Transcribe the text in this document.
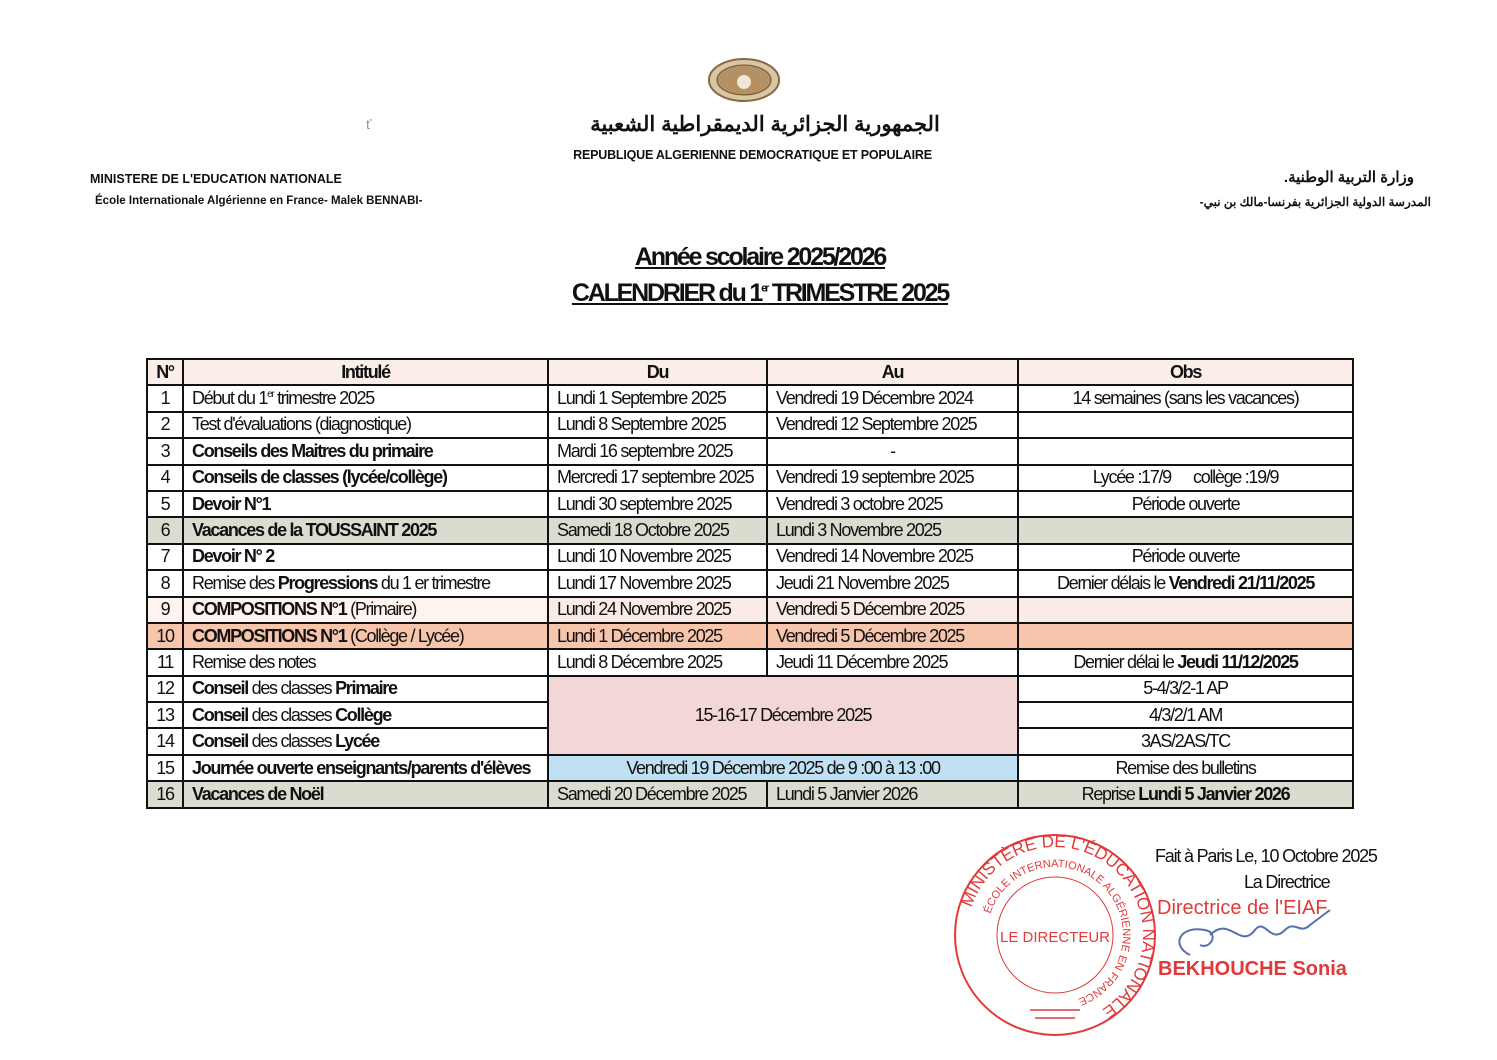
ť	الجمهورية الجزائرية الديمقراطية الشعبية
REPUBLIQUE ALGERIENNE DEMOCRATIQUE ET POPULAIRE
MINISTERE DE L'EDUCATION NATIONALE
École Internationale Algérienne en France- Malek BENNABI-
وزارة التربية الوطنية.
المدرسة الدولية الجزائرية بفرنسا-مالك بن نبي-
Année scolaire 2025/2026
CALENDRIER du 1er TRIMESTRE 2025
N°	Intitulé	Du	Au	Obs
1	Début du 1er trimestre 2025	Lundi 1 Septembre 2025	Vendredi 19 Décembre 2024	14 semaines (sans les vacances)
2	Test d'évaluations (diagnostique)	Lundi 8 Septembre 2025	Vendredi 12 Septembre 2025	
3	Conseils des Maitres du primaire	Mardi 16 septembre 2025	-	
4	Conseils de classes (lycée/collège)	Mercredi 17 septembre 2025	Vendredi 19 septembre 2025	Lycée :17/9      collège :19/9
5	Devoir N°1	Lundi 30 septembre 2025	Vendredi 3 octobre 2025	Période ouverte
6	Vacances de la TOUSSAINT 2025	Samedi 18 Octobre 2025	Lundi 3 Novembre 2025	
7	Devoir N° 2	Lundi 10 Novembre 2025	Vendredi 14 Novembre 2025	Période ouverte
8	Remise des Progressions du 1 er trimestre	Lundi 17 Novembre 2025	Jeudi 21 Novembre 2025	Dernier délais le Vendredi 21/11/2025
9	COMPOSITIONS N°1 (Primaire)	Lundi 24 Novembre 2025	Vendredi 5 Décembre 2025	
10	COMPOSITIONS N°1 (Collège / Lycée)	Lundi 1 Décembre 2025	Vendredi 5 Décembre 2025	
11	Remise des notes	Lundi 8 Décembre 2025	Jeudi 11 Décembre 2025	Dernier délai le Jeudi 11/12/2025
12	Conseil des classes Primaire	15-16-17 Décembre 2025		5-4/3/2-1 AP
13	Conseil des classes Collège			4/3/2/1 AM
14	Conseil des classes Lycée			3AS/2AS/TC
15	Journée ouverte enseignants/parents d'élèves	Vendredi 19 Décembre 2025 de 9 :00 à 13 :00		Remise des bulletins
16	Vacances de Noël	Samedi 20 Décembre 2025	Lundi 5 Janvier 2026	Reprise Lundi 5 Janvier 2026
MINISTÈRE DE L'ÉDUCATION NATIONALE
ÉCOLE INTERNATIONALE ALGÉRIENNE EN FRANCE
LE DIRECTEUR
Fait à Paris Le, 10 Octobre 2025
La Directrice
Directrice de l'EIAF
BEKHOUCHE Sonia
